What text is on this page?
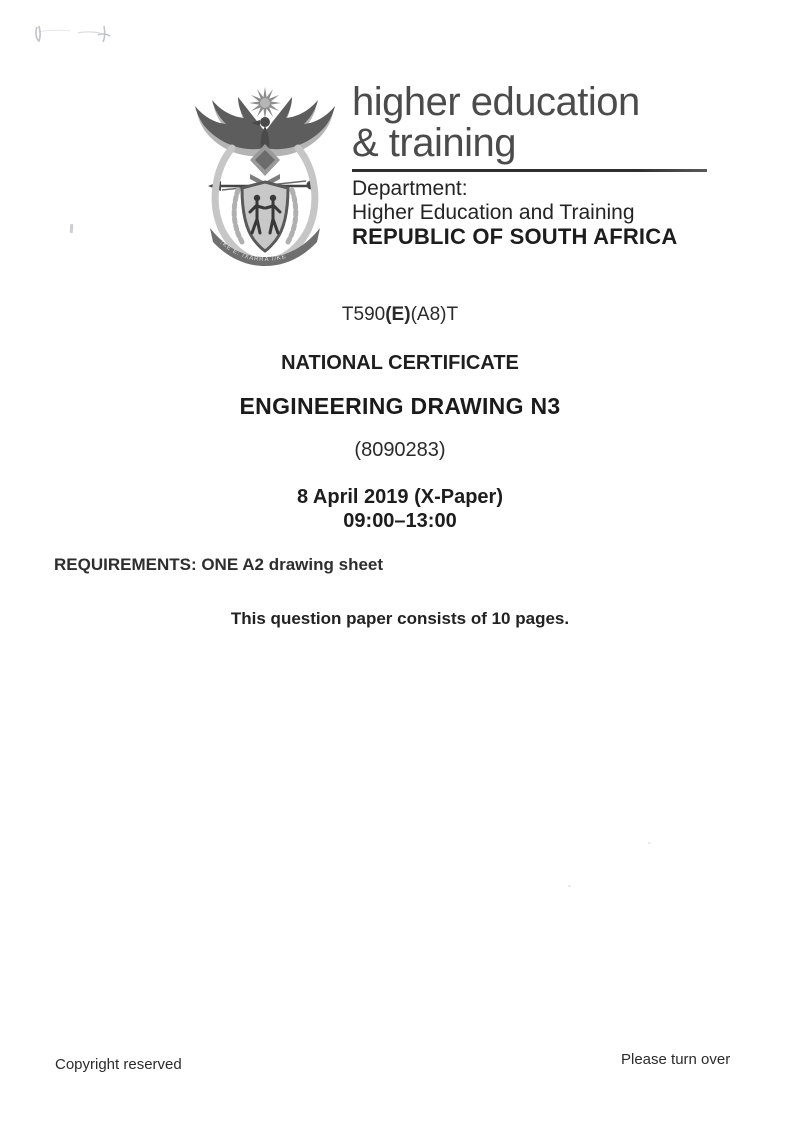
!KE E: /XARRA //KE
higher education
& training
Department:
Higher Education and Training
REPUBLIC OF SOUTH AFRICA
T590(E)(A8)T
NATIONAL CERTIFICATE
ENGINEERING DRAWING N3
(8090283)
8 April 2019 (X-Paper)
09:00–13:00
REQUIREMENTS: ONE A2 drawing sheet
This question paper consists of 10 pages.
Copyright reserved	Please turn over
